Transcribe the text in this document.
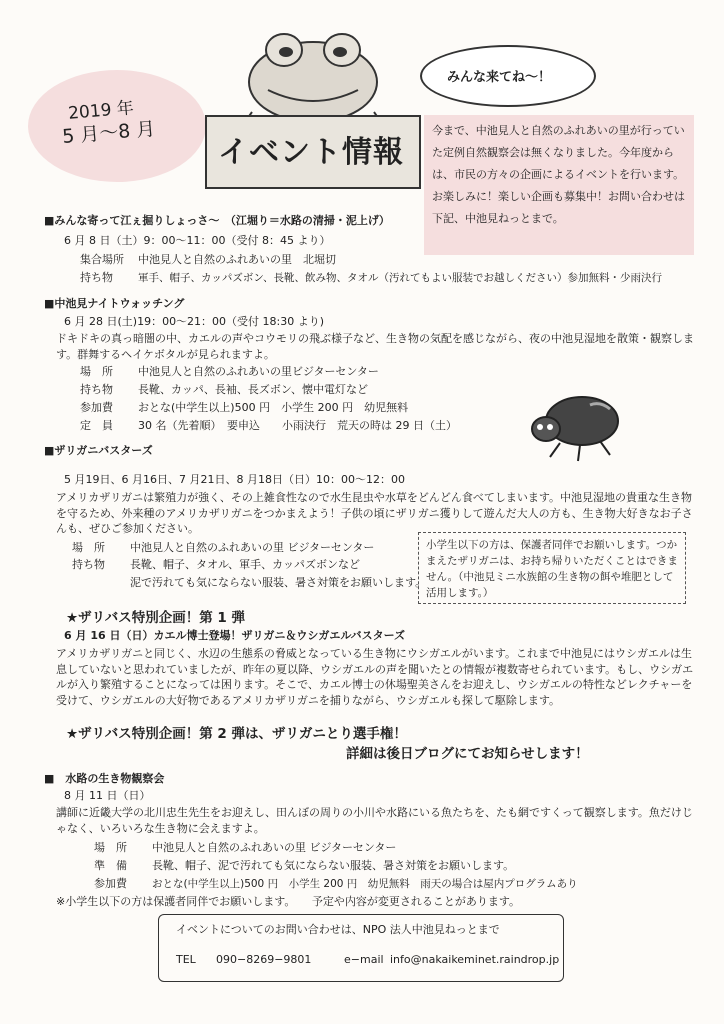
2019 年
5 月〜8 月
イベント情報
みんな来てね〜！
今まで、中池見人と自然のふれあいの里が行っていた定例自然観察会は無くなりました。今年度からは、市民の方々の企画によるイベントを行います。お楽しみに！楽しい企画も募集中！お問い合わせは下記、中池見ねっとまで。
■みんな寄って江ぇ掘りしょっさ〜　（江堀り＝水路の清掃・泥上げ）
6 月 8 日（土）9：00〜11：00（受付 8：45 より）
集合場所	中池見人と自然のふれあいの里　北堀切
持ち物	軍手、帽子、カッパズボン、長靴、飲み物、タオル（汚れてもよい服装でお越しください）参加無料・少雨決行
■中池見ナイトウォッチング
6 月 28 日(土)19：00〜21：00（受付 18:30 より)
ドキドキの真っ暗闇の中、カエルの声やコウモリの飛ぶ様子など、生き物の気配を感じながら、夜の中池見湿地を散策・観察します。群舞するヘイケボタルが見られますよ。
場　所	中池見人と自然のふれあいの里ビジターセンター
持ち物	長靴、カッパ、長袖、長ズボン、懐中電灯など
参加費	おとな(中学生以上)500 円　小学生 200 円　幼児無料
定　員	30 名（先着順）　要申込　　小雨決行　荒天の時は 29 日（土）
■ザリガニバスターズ
5 月19日、6 月16日、7 月21日、8 月18日（日）10：00〜12：00
アメリカザリガニは繁殖力が強く、その上雑食性なので水生昆虫や水草をどんどん食べてしまいます。中池見湿地の貴重な生き物を守るため、外来種のアメリカザリガニをつかまえよう！子供の頃にザリガニ獲りして遊んだ大人の方も、生き物大好きなお子さんも、ぜひご参加ください。
場　所	中池見人と自然のふれあいの里 ビジターセンター
持ち物	長靴、帽子、タオル、軍手、カッパズボンなど
泥で汚れても気にならない服装、暑さ対策をお願いします。
小学生以下の方は、保護者同伴でお願いします。つかまえたザリガニは、お持ち帰りいただくことはできません。（中池見ミニ水族館の生き物の餌や堆肥として活用します。）
★ザリバス特別企画！第 1 弾
6 月 16 日（日）カエル博士登場！ザリガニ＆ウシガエルバスターズ
アメリカザリガニと同じく、水辺の生態系の脅威となっている生き物にウシガエルがいます。これまで中池見にはウシガエルは生息していないと思われていましたが、昨年の夏以降、ウシガエルの声を聞いたとの情報が複数寄せられています。もし、ウシガエルが入り繁殖することになっては困ります。そこで、カエル博士の休場聖美さんをお迎えし、ウシガエルの特性などレクチャーを受けて、ウシガエルの大好物であるアメリカザリガニを捕りながら、ウシガエルも探して駆除します。
★ザリバス特別企画！第 2 弾は、ザリガニとり選手権！
詳細は後日ブログにてお知らせします！
■　水路の生き物観察会
8 月 11 日（日）
講師に近畿大学の北川忠生先生をお迎えし、田んぼの周りの小川や水路にいる魚たちを、たも網ですくって観察します。魚だけじゃなく、いろいろな生き物に会えますよ。
場　所	中池見人と自然のふれあいの里 ビジターセンター
準　備	長靴、帽子、泥で汚れても気にならない服装、暑さ対策をお願いします。
参加費	おとな(中学生以上)500 円　小学生 200 円　幼児無料　雨天の場合は屋内プログラムあり
※小学生以下の方は保護者同伴でお願いします。　　予定や内容が変更されることがあります。
イベントについてのお問い合わせは、NPO 法人中池見ねっとまで
TEL	090−8269−9801	e−mail info@nakaikeminet.raindrop.jp
